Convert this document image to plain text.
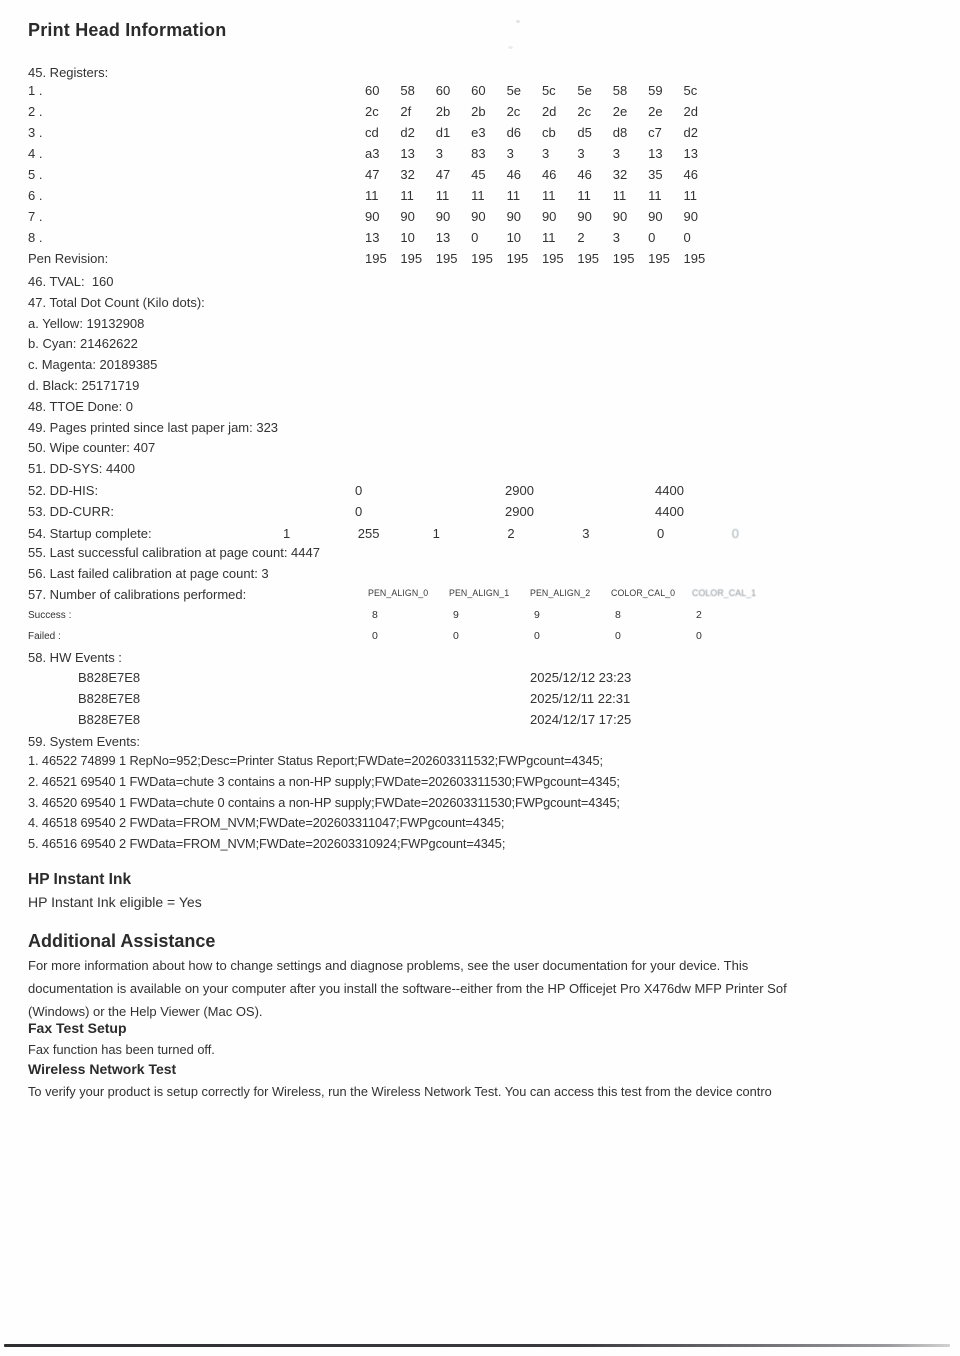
Print Head Information
45. Registers:
1 .	60	58	60	60	5e	5c	5e	58	59	5c
2 .	2c	2f	2b	2b	2c	2d	2c	2e	2e	2d
3 .	cd	d2	d1	e3	d6	cb	d5	d8	c7	d2
4 .	a3	13	3	83	3	3	3	3	13	13
5 .	47	32	47	45	46	46	46	32	35	46
6 .	11	11	11	11	11	11	11	11	11	11
7 .	90	90	90	90	90	90	90	90	90	90
8 .	13	10	13	0	10	11	2	3	0	0
Pen Revision:	195	195	195	195	195	195	195	195	195	195
46. TVAL:  160
47. Total Dot Count (Kilo dots):
a. Yellow: 19132908
b. Cyan: 21462622
c. Magenta: 20189385
d. Black: 25171719
48. TTOE Done: 0
49. Pages printed since last paper jam: 323
50. Wipe counter: 407
51. DD-SYS: 4400
52. DD-HIS:	0	2900	4400
53. DD-CURR:	0	2900	4400
54. Startup complete:	1	255	1	2	3	0	0
55. Last successful calibration at page count: 4447
56. Last failed calibration at page count: 3
57. Number of calibrations performed:	PEN_ALIGN_0	PEN_ALIGN_1	PEN_ALIGN_2	COLOR_CAL_0	COLOR_CAL_1
Success :	8	9	9	8	2
Failed :	0	0	0	0	0
58. HW Events :
B828E7E8	2025/12/12 23:23
B828E7E8	2025/12/11 22:31
B828E7E8	2024/12/17 17:25
59. System Events:
1. 46522 74899 1 RepNo=952;Desc=Printer Status Report;FWDate=202603311532;FWPgcount=4345;
2. 46521 69540 1 FWData=chute 3 contains a non-HP supply;FWDate=202603311530;FWPgcount=4345;
3. 46520 69540 1 FWData=chute 0 contains a non-HP supply;FWDate=202603311530;FWPgcount=4345;
4. 46518 69540 2 FWData=FROM_NVM;FWDate=202603311047;FWPgcount=4345;
5. 46516 69540 2 FWData=FROM_NVM;FWDate=202603310924;FWPgcount=4345;
HP Instant Ink
HP Instant Ink eligible = Yes
Additional Assistance
For more information about how to change settings and diagnose problems, see the user documentation for your device. This
documentation is available on your computer after you install the software--either from the HP Officejet Pro X476dw MFP Printer Sof
(Windows) or the Help Viewer (Mac OS).
Fax Test Setup
Fax function has been turned off.
Wireless Network Test
To verify your product is setup correctly for Wireless, run the Wireless Network Test. You can access this test from the device contro
